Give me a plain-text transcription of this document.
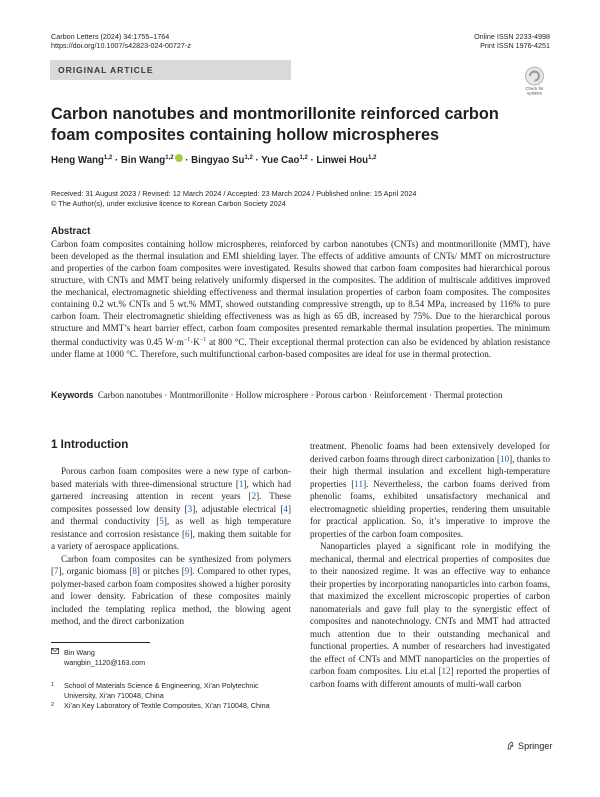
Carbon Letters (2024) 34:1755–1764
https://doi.org/10.1007/s42823-024-00727-z
Online ISSN 2233-4998
Print ISSN 1976-4251
ORIGINAL ARTICLE
Check for
updates
Carbon nanotubes and montmorillonite reinforced carbon foam composites containing hollow microspheres
Heng Wang$^{1,2}$ · Bin Wang$^{1,2}$ · Bingyao Su$^{1,2}$ · Yue Cao$^{1,2}$ · Linwei Hou$^{1,2}$
Received: 31 August 2023 / Revised: 12 March 2024 / Accepted: 23 March 2024 / Published online: 15 April 2024
© The Author(s), under exclusive licence to Korean Carbon Society 2024
Abstract

Carbon foam composites containing hollow microspheres, reinforced by carbon nanotubes (CNTs) and montmorillonite (MMT), have been developed as the thermal insulation and EMI shielding layer. The effects of additive amounts of CNTs/ MMT on microstructure and properties of the carbon foam composites were investigated. Results showed that carbon foam composites had hierarchical porous structure, with CNTs and MMT being relatively uniformly dispersed in the composites. The addition of multiscale additives improved the mechanical, electromagnetic shielding effectiveness and thermal insulation properties of carbon foam composites. The composites containing 0.2 wt.% CNTs and 5 wt.% MMT, showed outstanding compressive strength, up to 8.54 MPa, increased by 116% to pure carbon foam. Their electromagnetic shielding effectiveness was as high as 65 dB, increased by 75%. Due to the hierarchical porous structure and MMT’s heart barrier effect, carbon foam composites presented remarkable thermal insulation properties. The minimum thermal conductivity was 0.45 $W\cdot m^{-1}\cdot K^{-1}$ at 800 °C. Their exceptional thermal protection can also be evidenced by ablation resistance under flame at 1000 °C. Therefore, such multifunctional carbon-based composites are ideal for use in thermal protection.

Keywords Carbon nanotubes · Montmorillonite · Hollow microsphere · Porous carbon · Reinforcement · Thermal protection
1 Introduction

Porous carbon foam composites were a new type of carbon-based materials with three-dimensional structure [1], which had garnered increasing attention in recent years [2]. These composites possessed low density [3], adjustable electrical [4] and thermal conductivity [5], as well as high temperature resistance and corrosion resistance [6], making them suitable for a variety of aerospace applications.

Carbon foam composites can be synthesized from polymers [7], organic biomass [8] or pitches [9]. Compared to other types, polymer-based carbon foam composites showed a higher porosity and lower density. Fabrication of these composites mainly included the templating replica method, the blowing agent method, and the direct carbonization

treatment. Phenolic foams had been extensively developed for derived carbon foams through direct carbonization [10], thanks to their high thermal insulation and excellent high-temperature properties [11]. Nevertheless, the carbon foams derived from phenolic foams, exhibited unsatisfactory mechanical and electromagnetic shielding properties, rendering them unsuitable for practical application. So, it’s imperative to improve the properties of the carbon foam composites.

Nanoparticles played a significant role in modifying the mechanical, thermal and electrical properties of composites due to their nanosized regime. It was an effective way to enhance their properties by incorporating nanoparticles into carbon foams, that maximized the excellent microscopic properties of carbon nanomaterials and gave full play to the synergistic effect of composites and nanotechnology. CNTs and MMT had attracted much attention due to their outstanding mechanical and functional properties. A number of researchers had investigated the effect of CNTs and MMT nanoparticles on the properties of carbon foam composites. Liu et.al [12] reported the properties of carbon foams with different amounts of multi-wall carbon

Bin Wang
wangbin_1120@163.com
1 School of Materials Science & Engineering, Xi’an Polytechnic University, Xi’an 710048, China
2 Xi’an Key Laboratory of Textile Composites, Xi’an 710048, China
Springer
